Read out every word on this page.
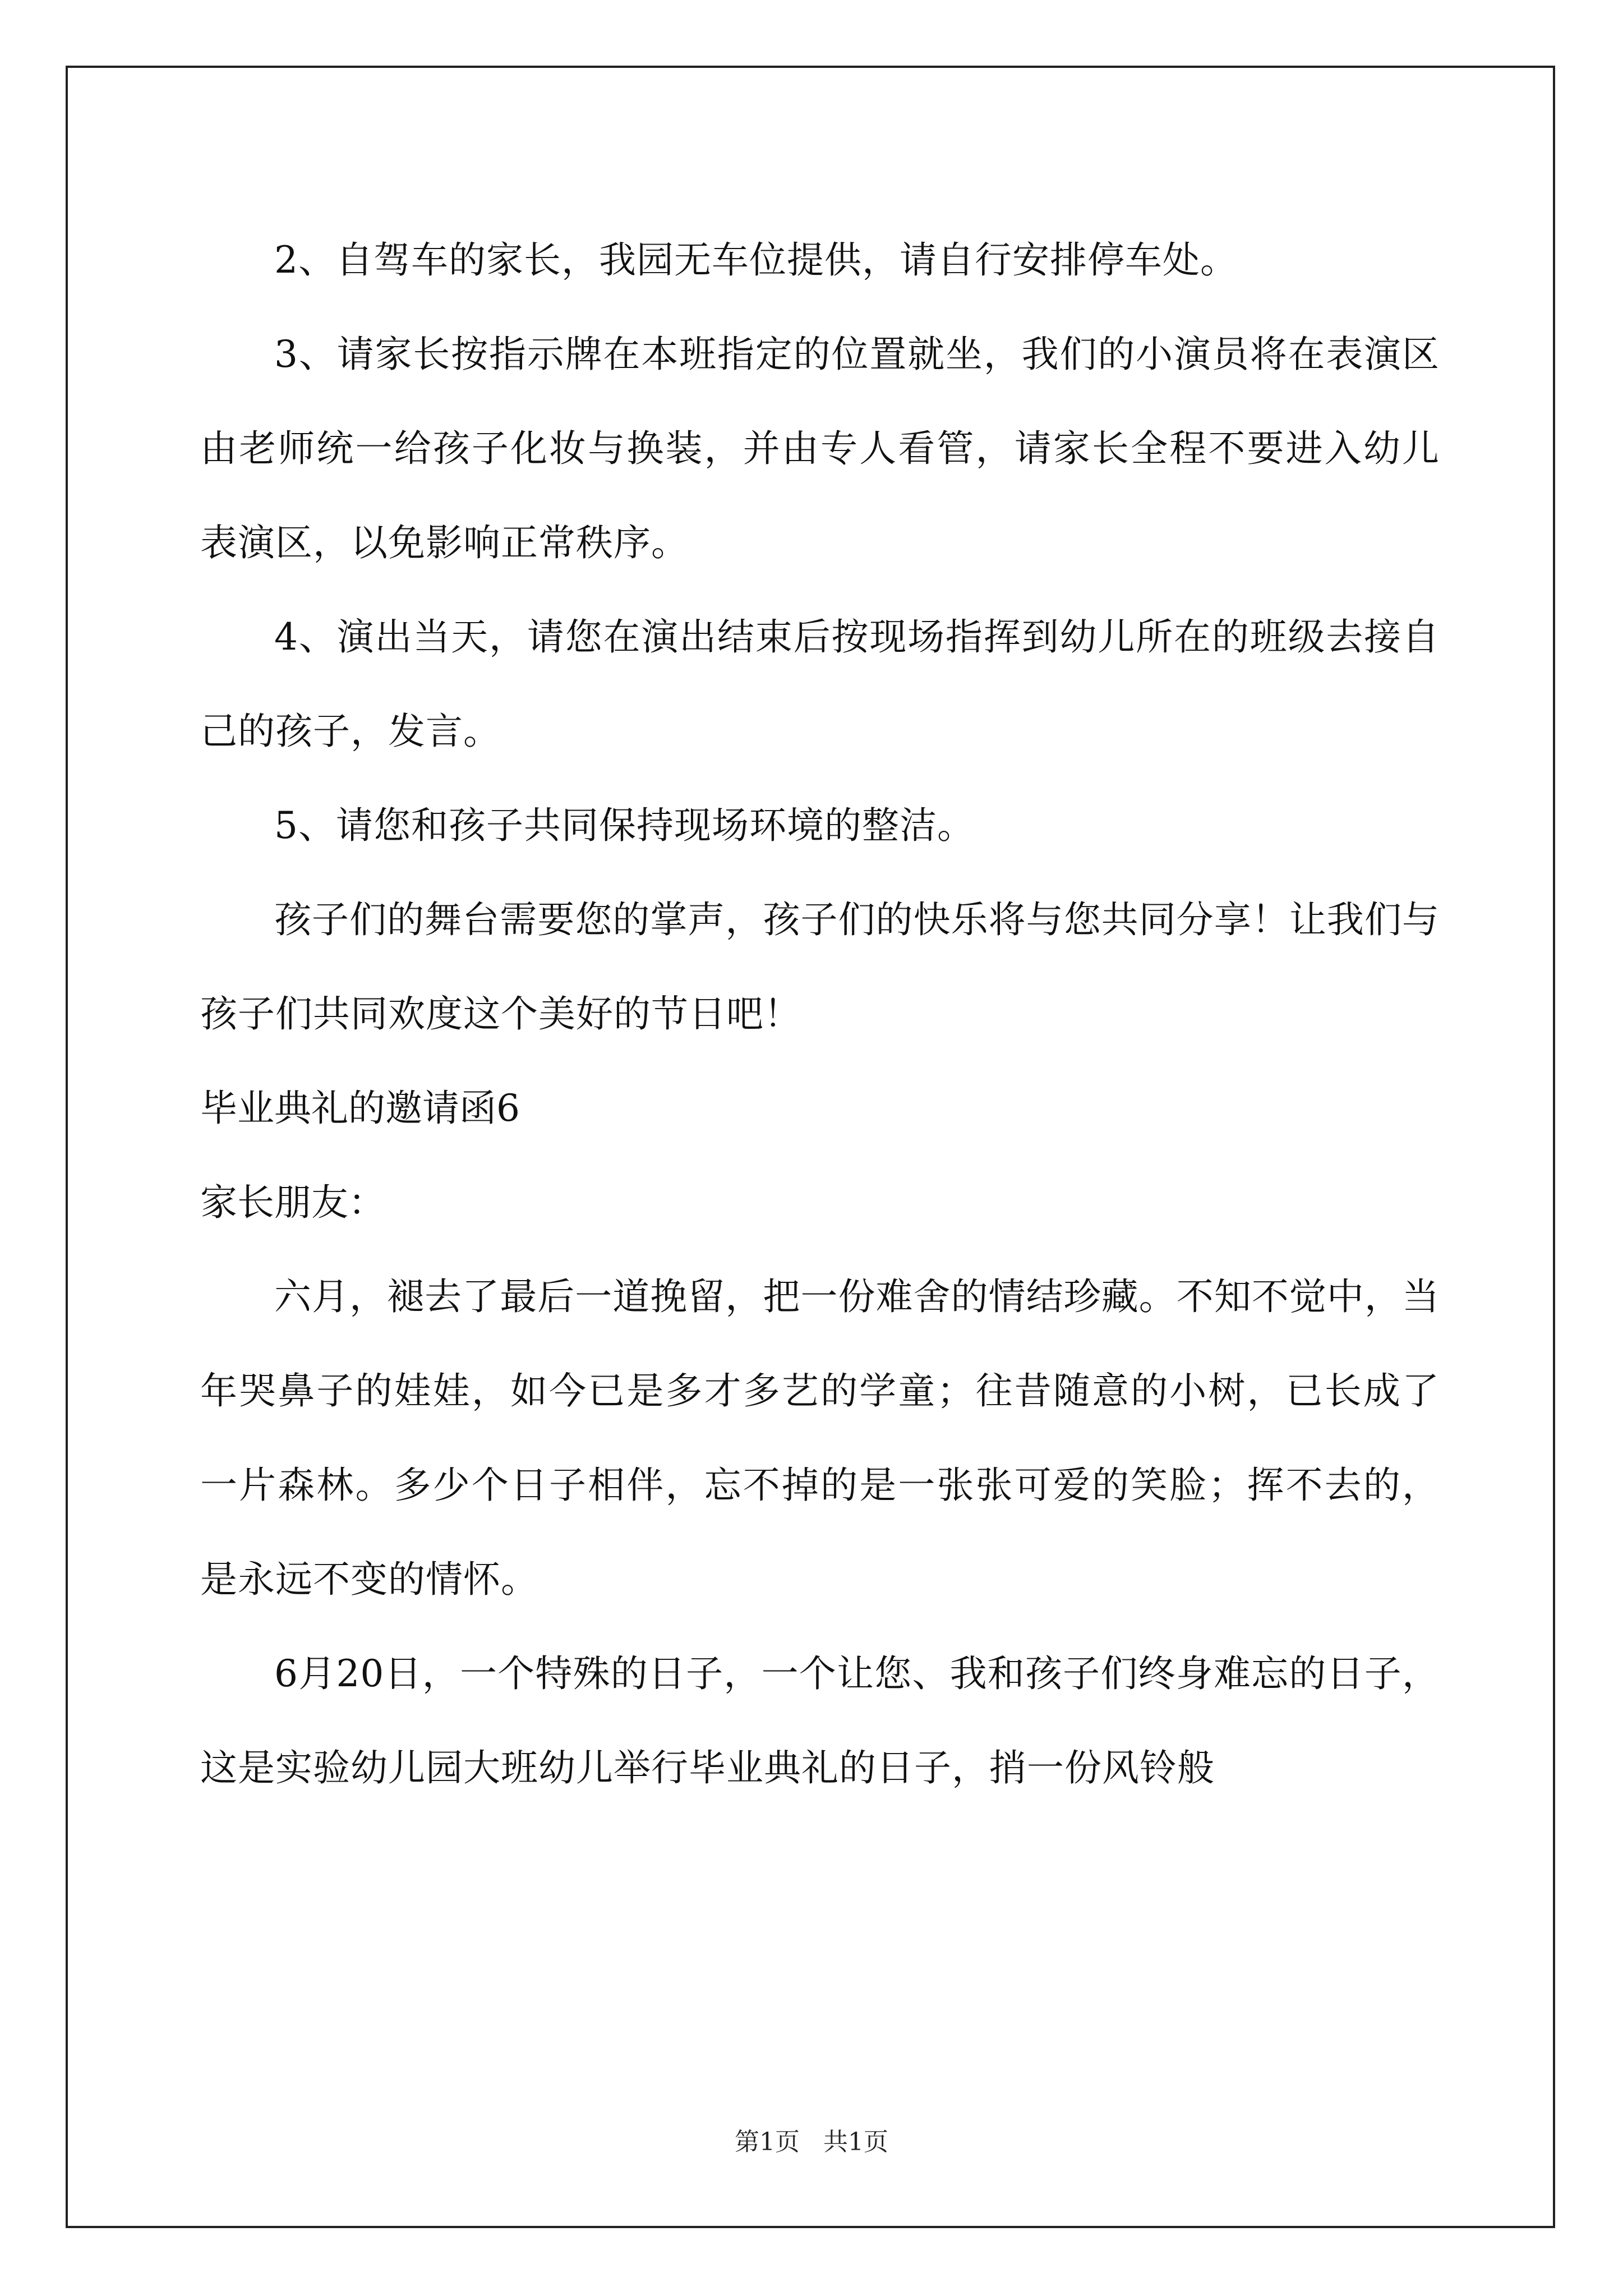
2、自驾车的家长，我园无车位提供，请自行安排停车处。

3、请家长按指示牌在本班指定的位置就坐，我们的小演员将在表演区由老师统一给孩子化妆与换装，并由专人看管，请家长全程不要进入幼儿表演区，以免影响正常秩序。

4、演出当天，请您在演出结束后按现场指挥到幼儿所在的班级去接自己的孩子，发言。

5、请您和孩子共同保持现场环境的整洁。

孩子们的舞台需要您的掌声，孩子们的快乐将与您共同分享！让我们与孩子们共同欢度这个美好的节日吧！

毕业典礼的邀请函6

家长朋友：

六月，褪去了最后一道挽留，把一份难舍的情结珍藏。不知不觉中，当年哭鼻子的娃娃，如今已是多才多艺的学童；往昔随意的小树，已长成了一片森林。多少个日子相伴，忘不掉的是一张张可爱的笑脸；挥不去的，是永远不变的情怀。

6月20日，一个特殊的日子，一个让您、我和孩子们终身难忘的日子，这是实验幼儿园大班幼儿举行毕业典礼的日子，捎一份风铃般

第1页 共1页
